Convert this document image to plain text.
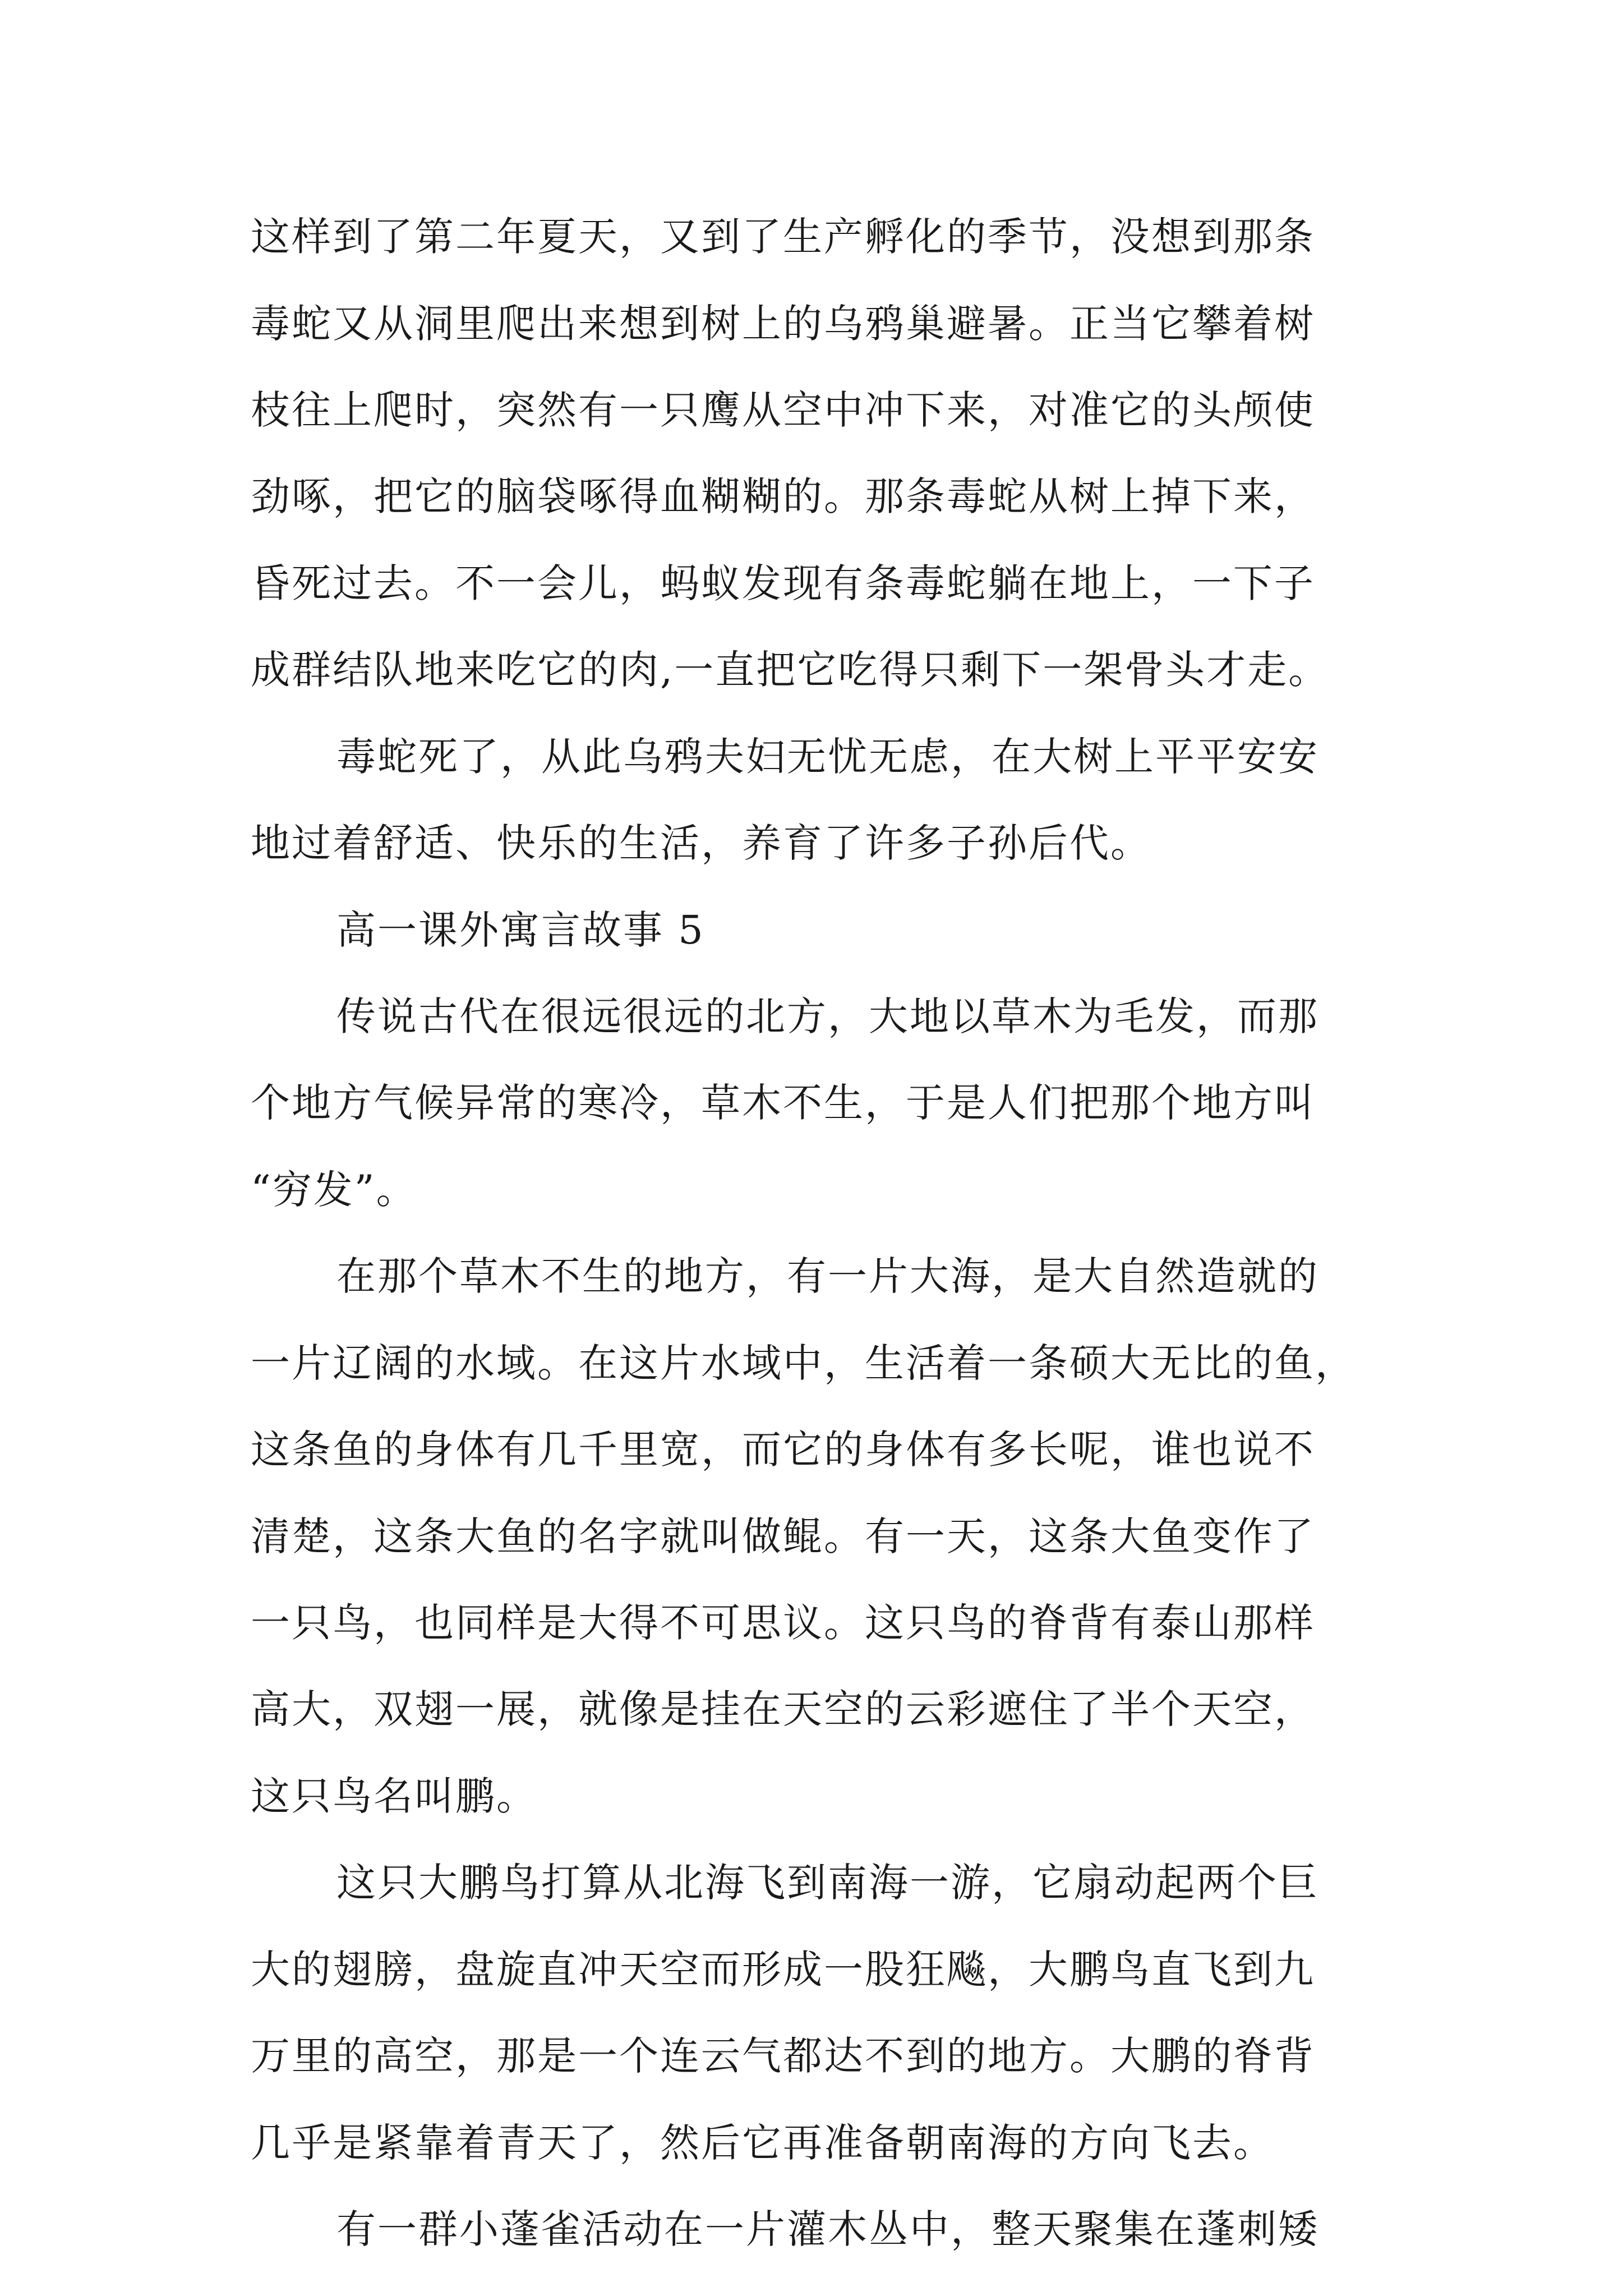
这样到了第二年夏天，又到了生产孵化的季节，没想到那条

毒蛇又从洞里爬出来想到树上的乌鸦巢避暑。正当它攀着树

枝往上爬时，突然有一只鹰从空中冲下来，对准它的头颅使

劲啄，把它的脑袋啄得血糊糊的。那条毒蛇从树上掉下来，

昏死过去。不一会儿，蚂蚁发现有条毒蛇躺在地上，一下子

成群结队地来吃它的肉,一直把它吃得只剩下一架骨头才走。

毒蛇死了，从此乌鸦夫妇无忧无虑，在大树上平平安安

地过着舒适、快乐的生活，养育了许多子孙后代。

高一课外寓言故事 5

传说古代在很远很远的北方，大地以草木为毛发，而那

个地方气候异常的寒冷，草木不生，于是人们把那个地方叫

“穷发”。

在那个草木不生的地方，有一片大海，是大自然造就的

一片辽阔的水域。在这片水域中，生活着一条硕大无比的鱼，

这条鱼的身体有几千里宽，而它的身体有多长呢，谁也说不

清楚，这条大鱼的名字就叫做鲲。有一天，这条大鱼变作了

一只鸟，也同样是大得不可思议。这只鸟的脊背有泰山那样

高大，双翅一展，就像是挂在天空的云彩遮住了半个天空，

这只鸟名叫鹏。

这只大鹏鸟打算从北海飞到南海一游，它扇动起两个巨

大的翅膀，盘旋直冲天空而形成一股狂飚，大鹏鸟直飞到九

万里的高空，那是一个连云气都达不到的地方。大鹏的脊背

几乎是紧靠着青天了，然后它再准备朝南海的方向飞去。

有一群小蓬雀活动在一片灌木丛中，整天聚集在蓬刺矮
